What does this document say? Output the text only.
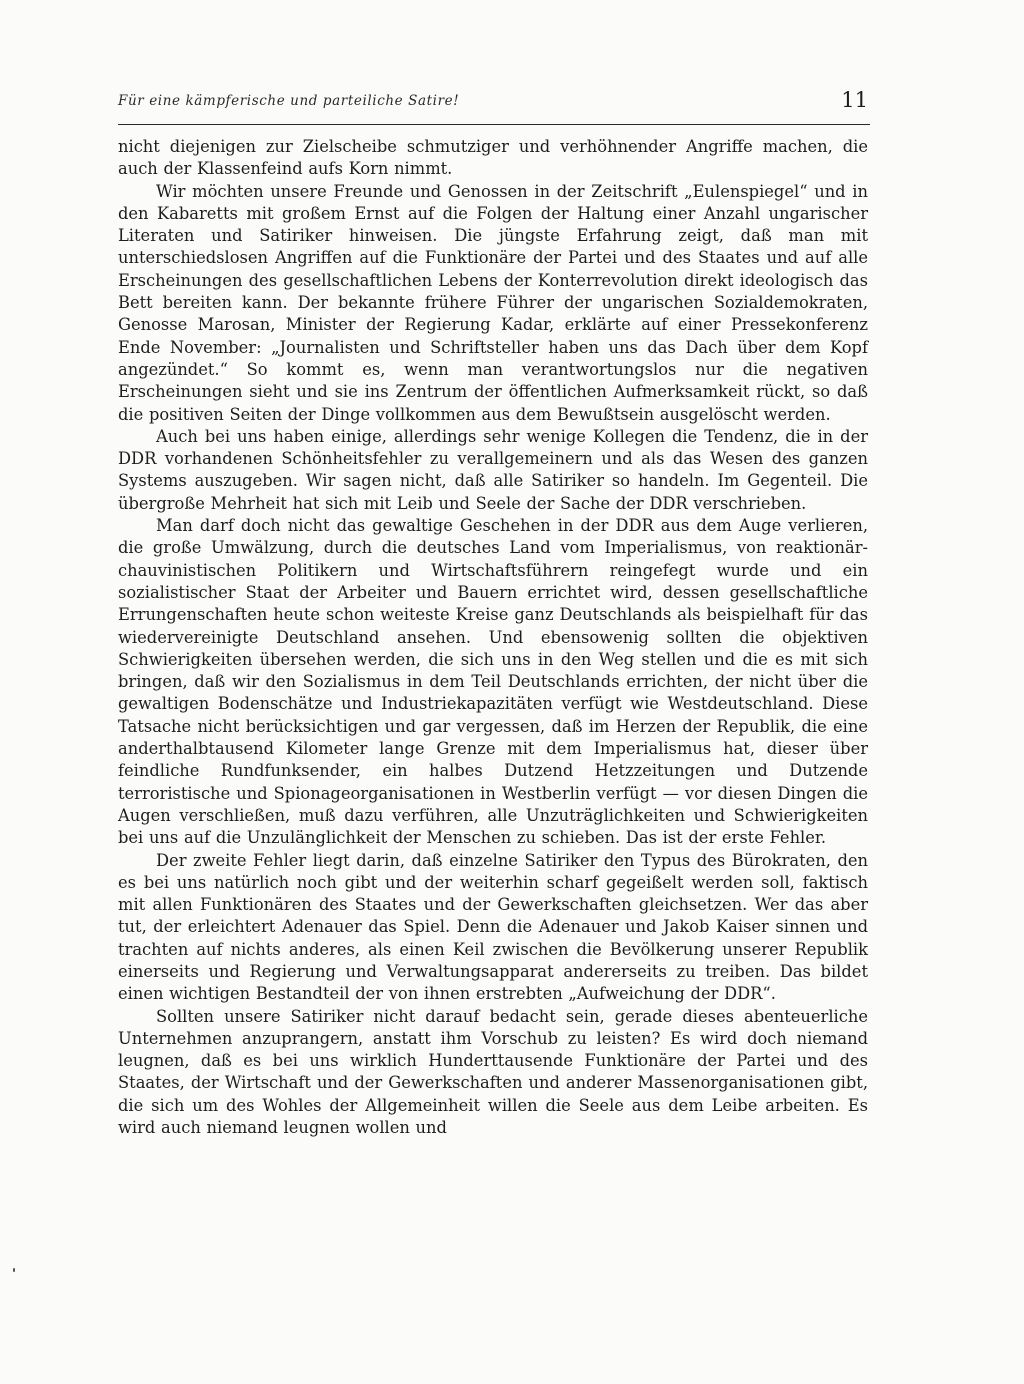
Für eine kämpferische und parteiliche Satire!	11

nicht diejenigen zur Zielscheibe schmutziger und verhöhnender Angriffe machen, die auch der Klassenfeind aufs Korn nimmt.

Wir möchten unsere Freunde und Genossen in der Zeitschrift „Eulenspiegel“ und in den Kabaretts mit großem Ernst auf die Folgen der Haltung einer Anzahl ungarischer Literaten und Satiriker hinweisen. Die jüngste Erfahrung zeigt, daß man mit unterschiedslosen Angriffen auf die Funktionäre der Partei und des Staates und auf alle Erscheinungen des gesellschaftlichen Lebens der Konterrevolution direkt ideologisch das Bett bereiten kann. Der bekannte frühere Führer der ungarischen Sozialdemokraten, Genosse Marosan, Minister der Regierung Kadar, erklärte auf einer Pressekonferenz Ende November: „Journalisten und Schriftsteller haben uns das Dach über dem Kopf angezündet.“ So kommt es, wenn man verantwortungslos nur die negativen Erscheinungen sieht und sie ins Zentrum der öffentlichen Aufmerksamkeit rückt, so daß die positiven Seiten der Dinge vollkommen aus dem Bewußtsein ausgelöscht werden.

Auch bei uns haben einige, allerdings sehr wenige Kollegen die Tendenz, die in der DDR vorhandenen Schönheitsfehler zu verallgemeinern und als das Wesen des ganzen Systems auszugeben. Wir sagen nicht, daß alle Satiriker so handeln. Im Gegenteil. Die übergroße Mehrheit hat sich mit Leib und Seele der Sache der DDR verschrieben.

Man darf doch nicht das gewaltige Geschehen in der DDR aus dem Auge verlieren, die große Umwälzung, durch die deutsches Land vom Imperialismus, von reaktionär-chauvinistischen Politikern und Wirtschaftsführern reingefegt wurde und ein sozialistischer Staat der Arbeiter und Bauern errichtet wird, dessen gesellschaftliche Errungenschaften heute schon weiteste Kreise ganz Deutschlands als beispielhaft für das wiedervereinigte Deutschland ansehen. Und ebensowenig sollten die objektiven Schwierigkeiten übersehen werden, die sich uns in den Weg stellen und die es mit sich bringen, daß wir den Sozialismus in dem Teil Deutschlands errichten, der nicht über die gewaltigen Bodenschätze und Industriekapazitäten verfügt wie Westdeutschland. Diese Tatsache nicht berücksichtigen und gar vergessen, daß im Herzen der Republik, die eine anderthalbtausend Kilometer lange Grenze mit dem Imperialismus hat, dieser über feindliche Rundfunksender, ein halbes Dutzend Hetzzeitungen und Dutzende terroristische und Spionageorganisationen in Westberlin verfügt — vor diesen Dingen die Augen verschließen, muß dazu verführen, alle Unzuträglichkeiten und Schwierigkeiten bei uns auf die Unzulänglichkeit der Menschen zu schieben. Das ist der erste Fehler.

Der zweite Fehler liegt darin, daß einzelne Satiriker den Typus des Bürokraten, den es bei uns natürlich noch gibt und der weiterhin scharf gegeißelt werden soll, faktisch mit allen Funktionären des Staates und der Gewerkschaften gleichsetzen. Wer das aber tut, der erleichtert Adenauer das Spiel. Denn die Adenauer und Jakob Kaiser sinnen und trachten auf nichts anderes, als einen Keil zwischen die Bevölkerung unserer Republik einerseits und Regierung und Verwaltungsapparat andererseits zu treiben. Das bildet einen wichtigen Bestandteil der von ihnen erstrebten „Aufweichung der DDR“.

Sollten unsere Satiriker nicht darauf bedacht sein, gerade dieses abenteuerliche Unternehmen anzuprangern, anstatt ihm Vorschub zu leisten? Es wird doch niemand leugnen, daß es bei uns wirklich Hunderttausende Funktionäre der Partei und des Staates, der Wirtschaft und der Gewerkschaften und anderer Massenorganisationen gibt, die sich um des Wohles der Allgemeinheit willen die Seele aus dem Leibe arbeiten. Es wird auch niemand leugnen wollen und
